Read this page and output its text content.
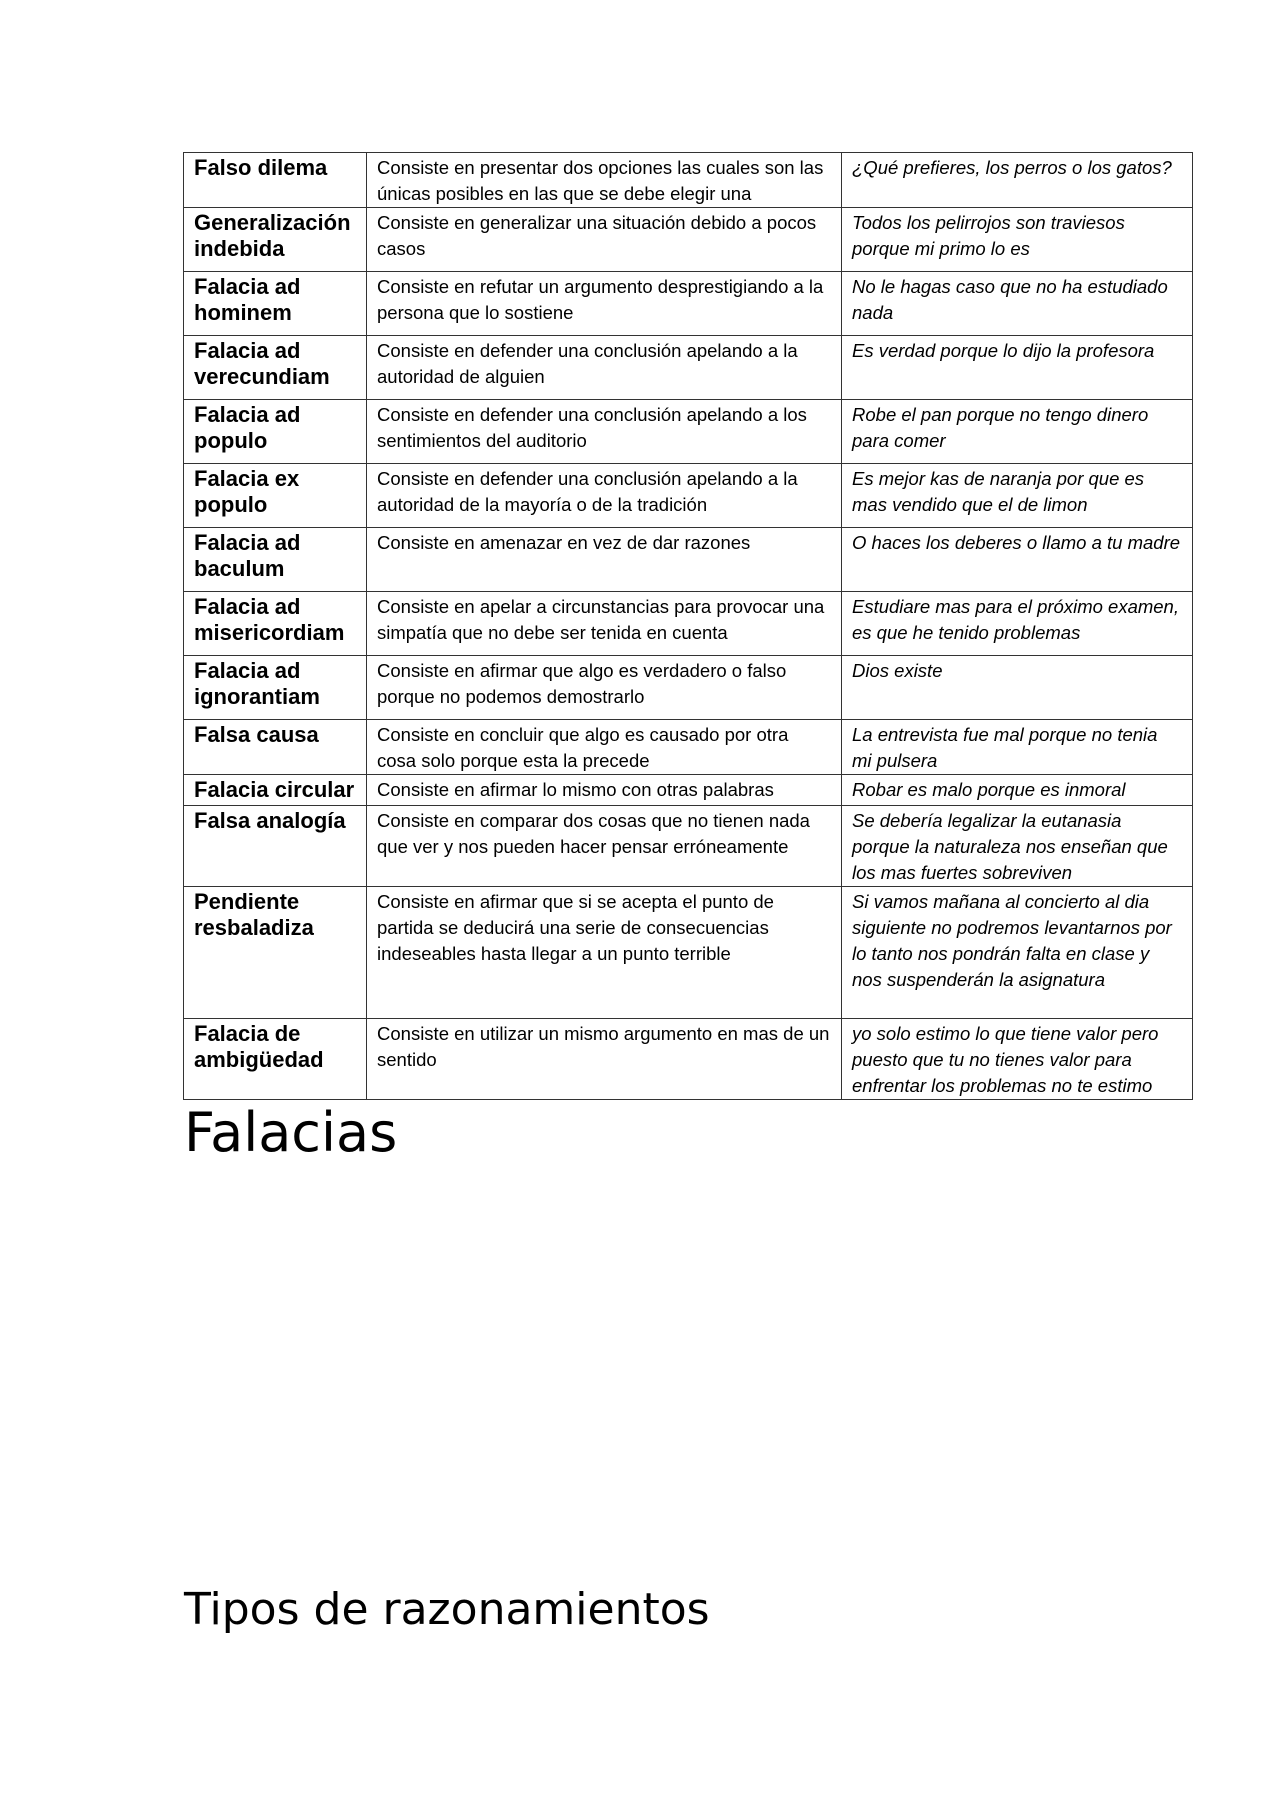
Falso dilema	Consiste en presentar dos opciones las cuales son las únicas posibles en las que se debe elegir una	¿Qué prefieres, los perros o los gatos?
Generalización indebida	Consiste en generalizar una situación debido a pocos casos	Todos los pelirrojos son traviesos porque mi primo lo es
Falacia ad hominem	Consiste en refutar un argumento desprestigiando a la persona que lo sostiene	No le hagas caso que no ha estudiado nada
Falacia ad verecundiam	Consiste en defender una conclusión apelando a la autoridad de alguien	Es verdad porque lo dijo la profesora
Falacia ad populo	Consiste en defender una conclusión apelando a los sentimientos del auditorio	Robe el pan porque no tengo dinero para comer
Falacia ex populo	Consiste en defender una conclusión apelando a la autoridad de la mayoría o de la tradición	Es mejor kas de naranja por que es mas vendido que el de limon
Falacia ad baculum	Consiste en amenazar en vez de dar razones	O haces los deberes o llamo a tu madre
Falacia ad misericordiam	Consiste en apelar a circunstancias para provocar una simpatía que no debe ser tenida en cuenta	Estudiare mas para el próximo examen, es que he tenido problemas
Falacia ad ignorantiam	Consiste en afirmar que algo es verdadero o falso porque no podemos demostrarlo	Dios existe
Falsa causa	Consiste en concluir que algo es causado por otra cosa solo porque esta la precede	La entrevista fue mal porque no tenia mi pulsera
Falacia circular	Consiste en afirmar lo mismo con otras palabras	Robar es malo porque es inmoral
Falsa analogía	Consiste en comparar dos cosas que no tienen nada que ver y nos pueden hacer pensar erróneamente	Se debería legalizar la eutanasia porque la naturaleza nos enseñan que los mas fuertes sobreviven
Pendiente resbaladiza	Consiste en afirmar que si se acepta el punto de partida se deducirá una serie de consecuencias indeseables hasta llegar a un punto terrible	Si vamos mañana al concierto al dia siguiente no podremos levantarnos por lo tanto nos pondrán falta en clase y nos suspenderán la asignatura
Falacia de ambigüedad	Consiste en utilizar un mismo argumento en mas de un sentido	yo solo estimo lo que tiene valor pero puesto que tu no tienes valor para enfrentar los problemas no te estimo
Falacias
Tipos de razonamientos
